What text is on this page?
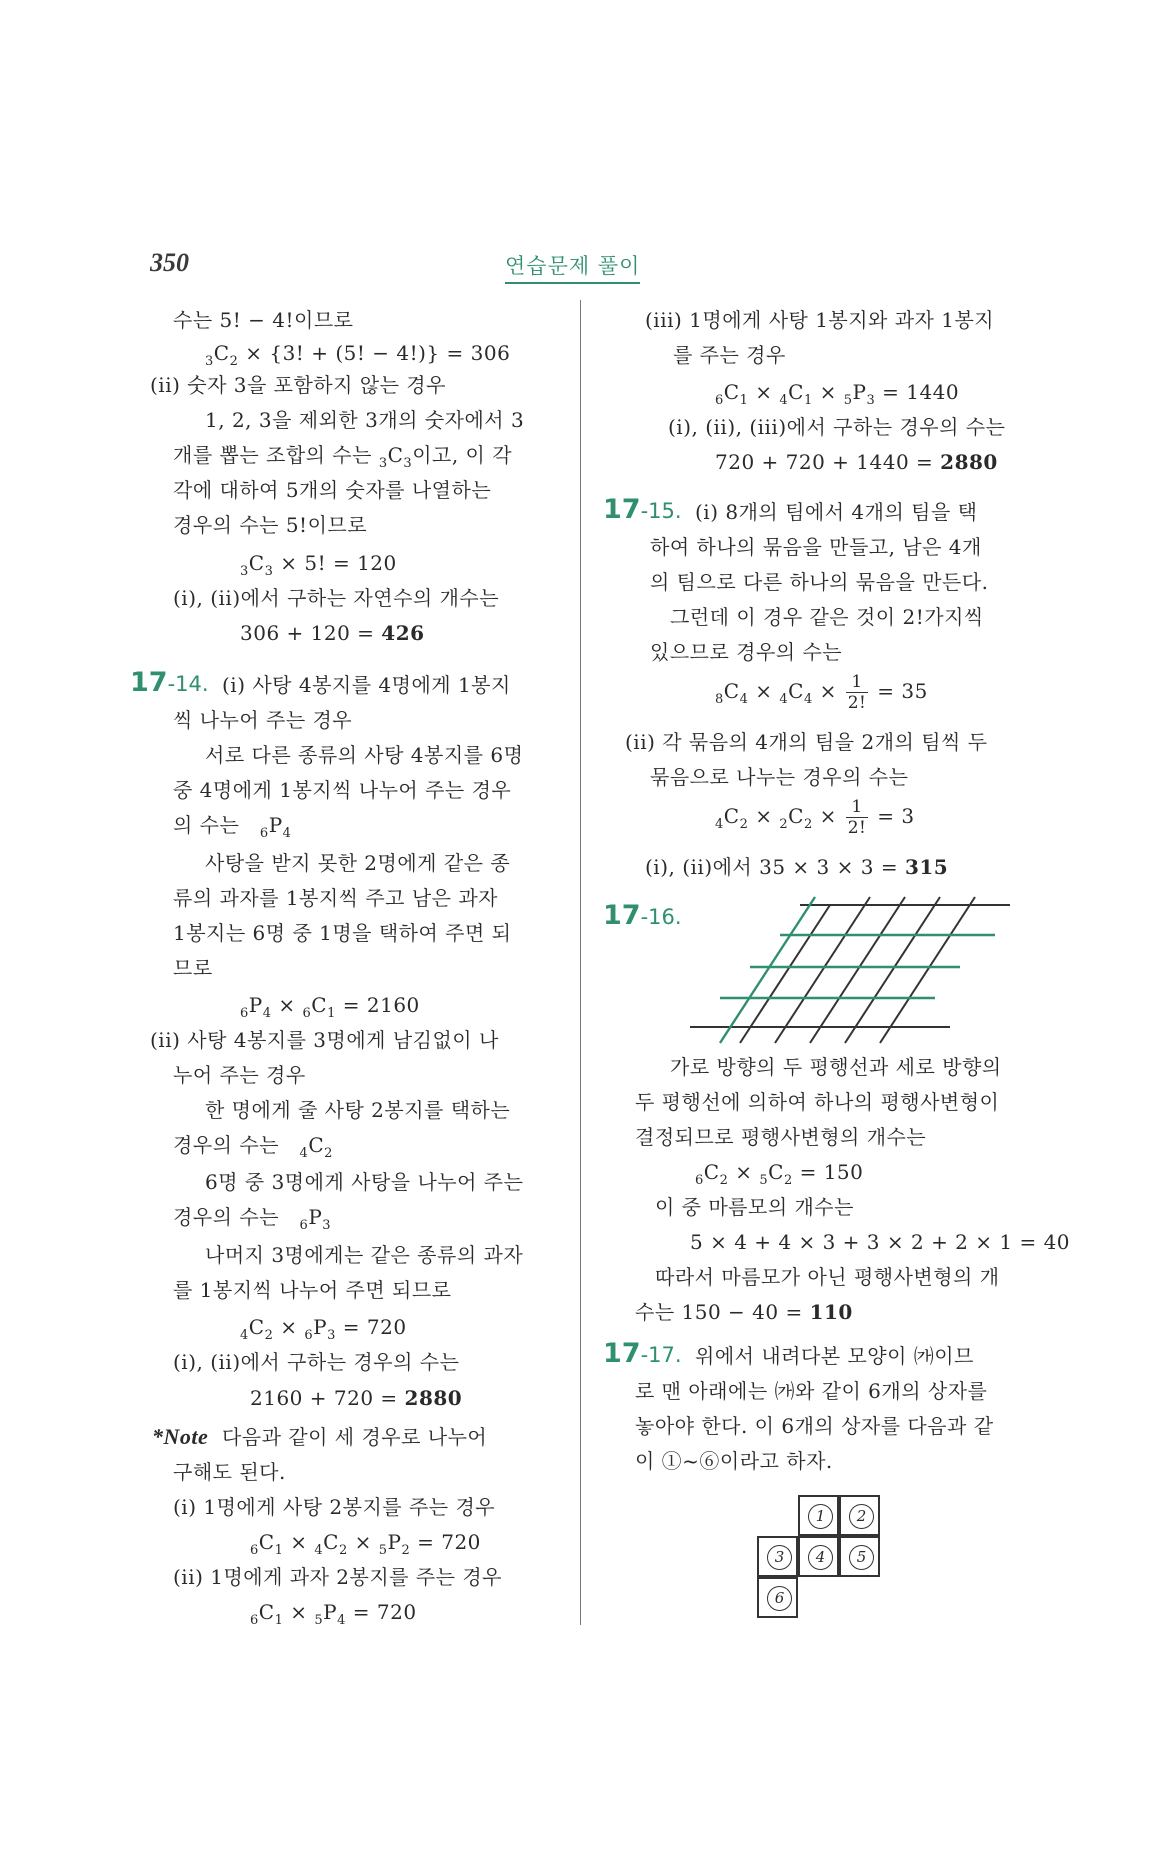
350	연습문제 풀이
수는 5! − 4!이므로
$_3C_2 \times \{3$! + (5! − 4!)} = 306
(ii) 숫자 3을 포함하지 않는 경우
1, 2, 3을 제외한 3개의 숫자에서 3
개를 뽑는 조합의 수는 $_3C_3$이고, 이 각
각에 대하여 5개의 숫자를 나열하는
경우의 수는 5!이므로
$_3C_3 \times 5$! = 120
(i), (ii)에서 구하는 자연수의 개수는
306 + 120 = 426
17-14. (i) 사탕 4봉지를 4명에게 1봉지
씩 나누어 주는 경우
서로 다른 종류의 사탕 4봉지를 6명
중 4명에게 1봉지씩 나누어 주는 경우
의 수는 $_6P_4$
사탕을 받지 못한 2명에게 같은 종
류의 과자를 1봉지씩 주고 남은 과자
1봉지는 6명 중 1명을 택하여 주면 되
므로
$_6P_4 \times _6C_1 = 2160$
(ii) 사탕 4봉지를 3명에게 남김없이 나
누어 주는 경우
한 명에게 줄 사탕 2봉지를 택하는
경우의 수는 $_4C_2$
6명 중 3명에게 사탕을 나누어 주는
경우의 수는 $_6P_3$
나머지 3명에게는 같은 종류의 과자
를 1봉지씩 나누어 주면 되므로
$_4C_2 \times _6P_3 = 720$
(i), (ii)에서 구하는 경우의 수는
2160 + 720 = 2880
*Note 다음과 같이 세 경우로 나누어
구해도 된다.
(i) 1명에게 사탕 2봉지를 주는 경우
$_6C_1 \times _4C_2 \times _5P_2 = 720$
(ii) 1명에게 과자 2봉지를 주는 경우
$_6C_1 \times _5P_4 = 720$
(iii) 1명에게 사탕 1봉지와 과자 1봉지
를 주는 경우
$_6C_1 \times _4C_1 \times _5P_3 = 1440$
(i), (ii), (iii)에서 구하는 경우의 수는
720 + 720 + 1440 = 2880
17-15. (i) 8개의 팀에서 4개의 팀을 택
하여 하나의 묶음을 만들고, 남은 4개
의 팀으로 다른 하나의 묶음을 만든다.
그런데 이 경우 같은 것이 2!가지씩
있으므로 경우의 수는
$_8C_4 \times _4C_4 \times \frac{1}{2!} = 35$
(ii) 각 묶음의 4개의 팀을 2개의 팀씩 두
묶음으로 나누는 경우의 수는
$_4C_2 \times _2C_2 \times \frac{1}{2!} = 3$
(i), (ii)에서 35 × 3 × 3 = 315
17-16.
가로 방향의 두 평행선과 세로 방향의
두 평행선에 의하여 하나의 평행사변형이
결정되므로 평행사변형의 개수는
$_6C_2 \times _5C_2 = 150$
이 중 마름모의 개수는
5 × 4 + 4 × 3 + 3 × 2 + 2 × 1 = 40
따라서 마름모가 아닌 평행사변형의 개
수는 150 − 40 = 110
17-17. 위에서 내려다본 모양이 ㈎이므
로 맨 아래에는 ㈎와 같이 6개의 상자를
놓아야 한다. 이 6개의 상자를 다음과 같
이 ①~⑥이라고 하자.
1	2
3	4	5
6
